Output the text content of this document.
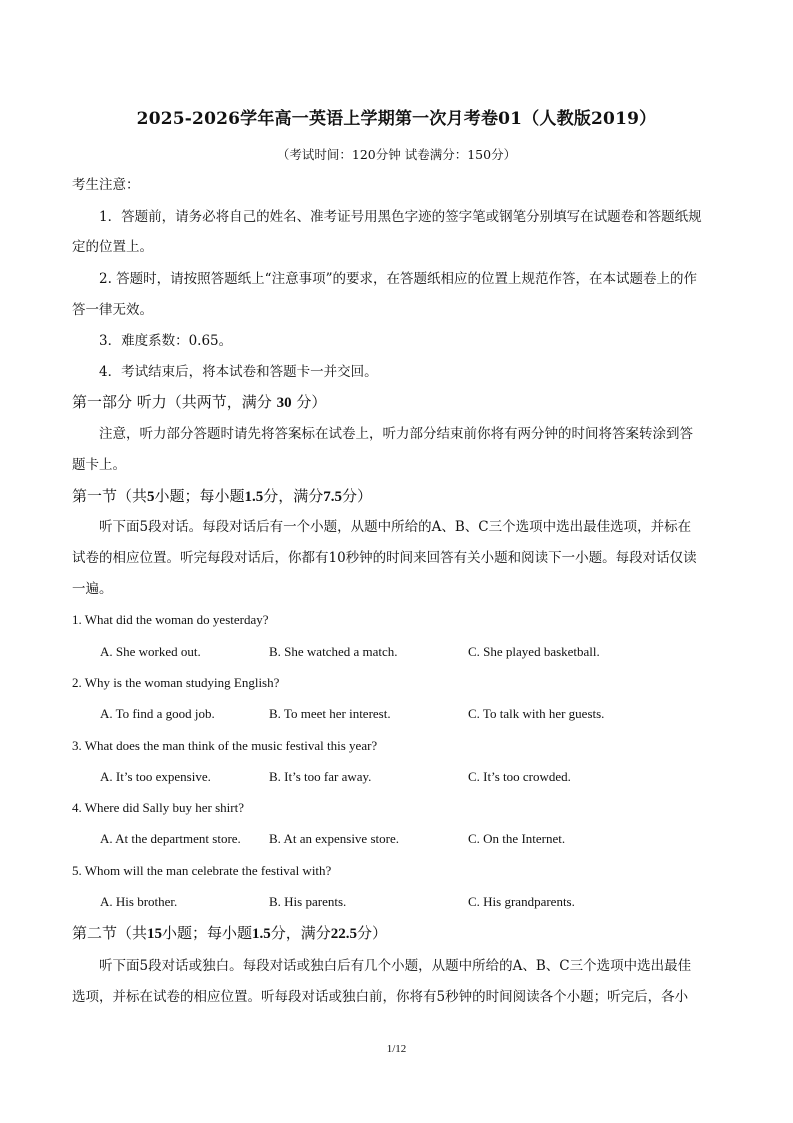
2025-2026学年高一英语上学期第一次月考卷01（人教版2019）
（考试时间：120分钟 试卷满分：150分）
考生注意：
1．答题前，请务必将自己的姓名、准考证号用黑色字迹的签字笔或钢笔分别填写在试题卷和答题纸规
定的位置上。
2. 答题时，请按照答题纸上“注意事项”的要求，在答题纸相应的位置上规范作答，在本试题卷上的作
答一律无效。
3．难度系数：0.65。
4．考试结束后，将本试卷和答题卡一并交回。
第一部分 听力（共两节，满分 30 分）
注意，听力部分答题时请先将答案标在试卷上，听力部分结束前你将有两分钟的时间将答案转涂到答
题卡上。
第一节（共5小题；每小题1.5分，满分7.5分）
听下面5段对话。每段对话后有一个小题，从题中所给的A、B、C三个选项中选出最佳选项，并标在
试卷的相应位置。听完每段对话后，你都有10秒钟的时间来回答有关小题和阅读下一小题。每段对话仅读
一遍。
1. What did the woman do yesterday?
A. She worked out.	B. She watched a match.	C. She played basketball.
2. Why is the woman studying English?
A. To find a good job.	B. To meet her interest.	C. To talk with her guests.
3. What does the man think of the music festival this year?
A. It’s too expensive.	B. It’s too far away.	C. It’s too crowded.
4. Where did Sally buy her shirt?
A. At the department store. B. At an expensive store.	C. On the Internet.
5. Whom will the man celebrate the festival with?
A. His brother.	B. His parents.	C. His grandparents.
第二节（共15小题；每小题1.5分，满分22.5分）
听下面5段对话或独白。每段对话或独白后有几个小题，从题中所给的A、B、C三个选项中选出最佳
选项，并标在试卷的相应位置。听每段对话或独白前，你将有5秒钟的时间阅读各个小题；听完后，各小
1/12
